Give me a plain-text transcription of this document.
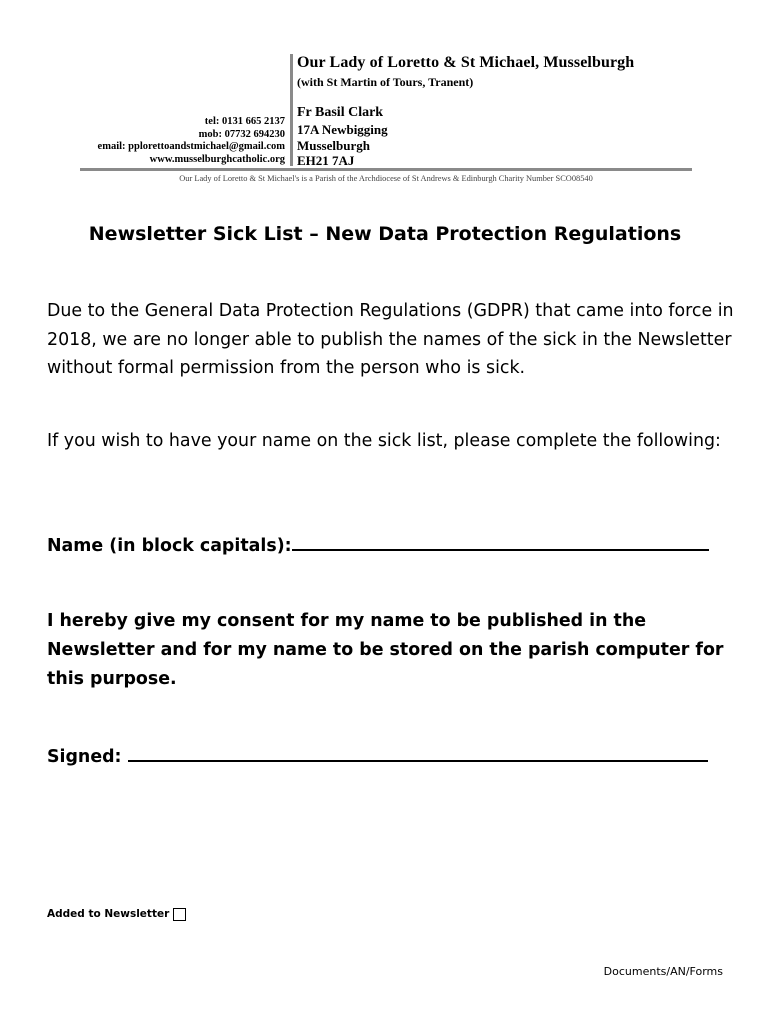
Our Lady of Loretto & St Michael, Musselburgh
(with St Martin of Tours, Tranent)
Fr Basil Clark
17A Newbigging
Musselburgh
EH21 7AJ
tel: 0131 665 2137
mob: 07732 694230
email: pplorettoandstmichael@gmail.com
www.musselburghcatholic.org
Our Lady of Loretto & St Michael's is a Parish of the Archdiocese of St Andrews & Edinburgh Charity Number SCO08540
Newsletter Sick List – New Data Protection Regulations

Due to the General Data Protection Regulations (GDPR) that came into force in 2018, we are no longer able to publish the names of the sick in the Newsletter without formal permission from the person who is sick.

If you wish to have your name on the sick list, please complete the following:

Name (in block capitals):

I hereby give my consent for my name to be published in the Newsletter and for my name to be stored on the parish computer for this purpose.

Signed:
Added to Newsletter
Documents/AN/Forms
